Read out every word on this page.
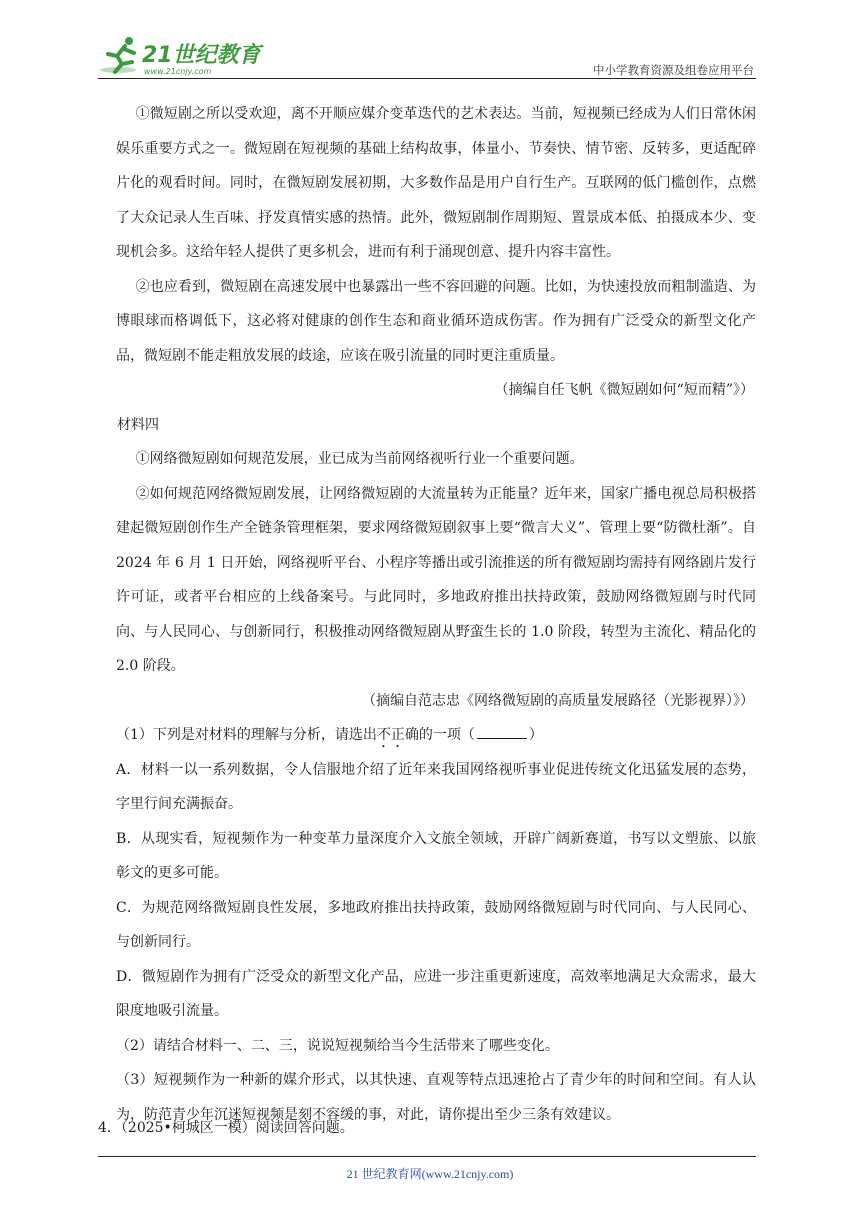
21世纪教育
www.21cnjy.com	中小学教育资源及组卷应用平台

①微短剧之所以受欢迎，离不开顺应媒介变革迭代的艺术表达。当前，短视频已经成为人们日常休闲娱乐重要方式之一。微短剧在短视频的基础上结构故事，体量小、节奏快、情节密、反转多，更适配碎片化的观看时间。同时，在微短剧发展初期，大多数作品是用户自行生产。互联网的低门槛创作，点燃了大众记录人生百味、抒发真情实感的热情。此外，微短剧制作周期短、置景成本低、拍摄成本少、变现机会多。这给年轻人提供了更多机会，进而有利于涌现创意、提升内容丰富性。

②也应看到，微短剧在高速发展中也暴露出一些不容回避的问题。比如，为快速投放而粗制滥造、为博眼球而格调低下，这必将对健康的创作生态和商业循环造成伤害。作为拥有广泛受众的新型文化产品，微短剧不能走粗放发展的歧途，应该在吸引流量的同时更注重质量。

（摘编自任飞帆《微短剧如何“短而精”》）

材料四

①网络微短剧如何规范发展，业已成为当前网络视听行业一个重要问题。

②如何规范网络微短剧发展，让网络微短剧的大流量转为正能量？近年来，国家广播电视总局积极搭建起微短剧创作生产全链条管理框架，要求网络微短剧叙事上要“微言大义”、管理上要“防微杜渐”。自 2024 年 6 月 1 日开始，网络视听平台、小程序等播出或引流推送的所有微短剧均需持有网络剧片发行许可证，或者平台相应的上线备案号。与此同时，多地政府推出扶持政策，鼓励网络微短剧与时代同向、与人民同心、与创新同行，积极推动网络微短剧从野蛮生长的 1.0 阶段，转型为主流化、精品化的 2.0 阶段。

（摘编自范志忠《网络微短剧的高质量发展路径（光影视界）》）

（1）下列是对材料的理解与分析，请选出不正确的一项（	）

A．材料一以一系列数据，令人信服地介绍了近年来我国网络视听事业促进传统文化迅猛发展的态势，字里行间充满振奋。

B．从现实看，短视频作为一种变革力量深度介入文旅全领域，开辟广阔新赛道，书写以文塑旅、以旅彰文的更多可能。

C．为规范网络微短剧良性发展，多地政府推出扶持政策，鼓励网络微短剧与时代同向、与人民同心、与创新同行。

D．微短剧作为拥有广泛受众的新型文化产品，应进一步注重更新速度，高效率地满足大众需求，最大限度地吸引流量。

（2）请结合材料一、二、三，说说短视频给当今生活带来了哪些变化。

（3）短视频作为一种新的媒介形式，以其快速、直观等特点迅速抢占了青少年的时间和空间。有人认为，防范青少年沉迷短视频是刻不容缓的事，对此，请你提出至少三条有效建议。

4．（2025•柯城区一模）阅读回答问题。
21 世纪教育网(www.21cnjy.com)
